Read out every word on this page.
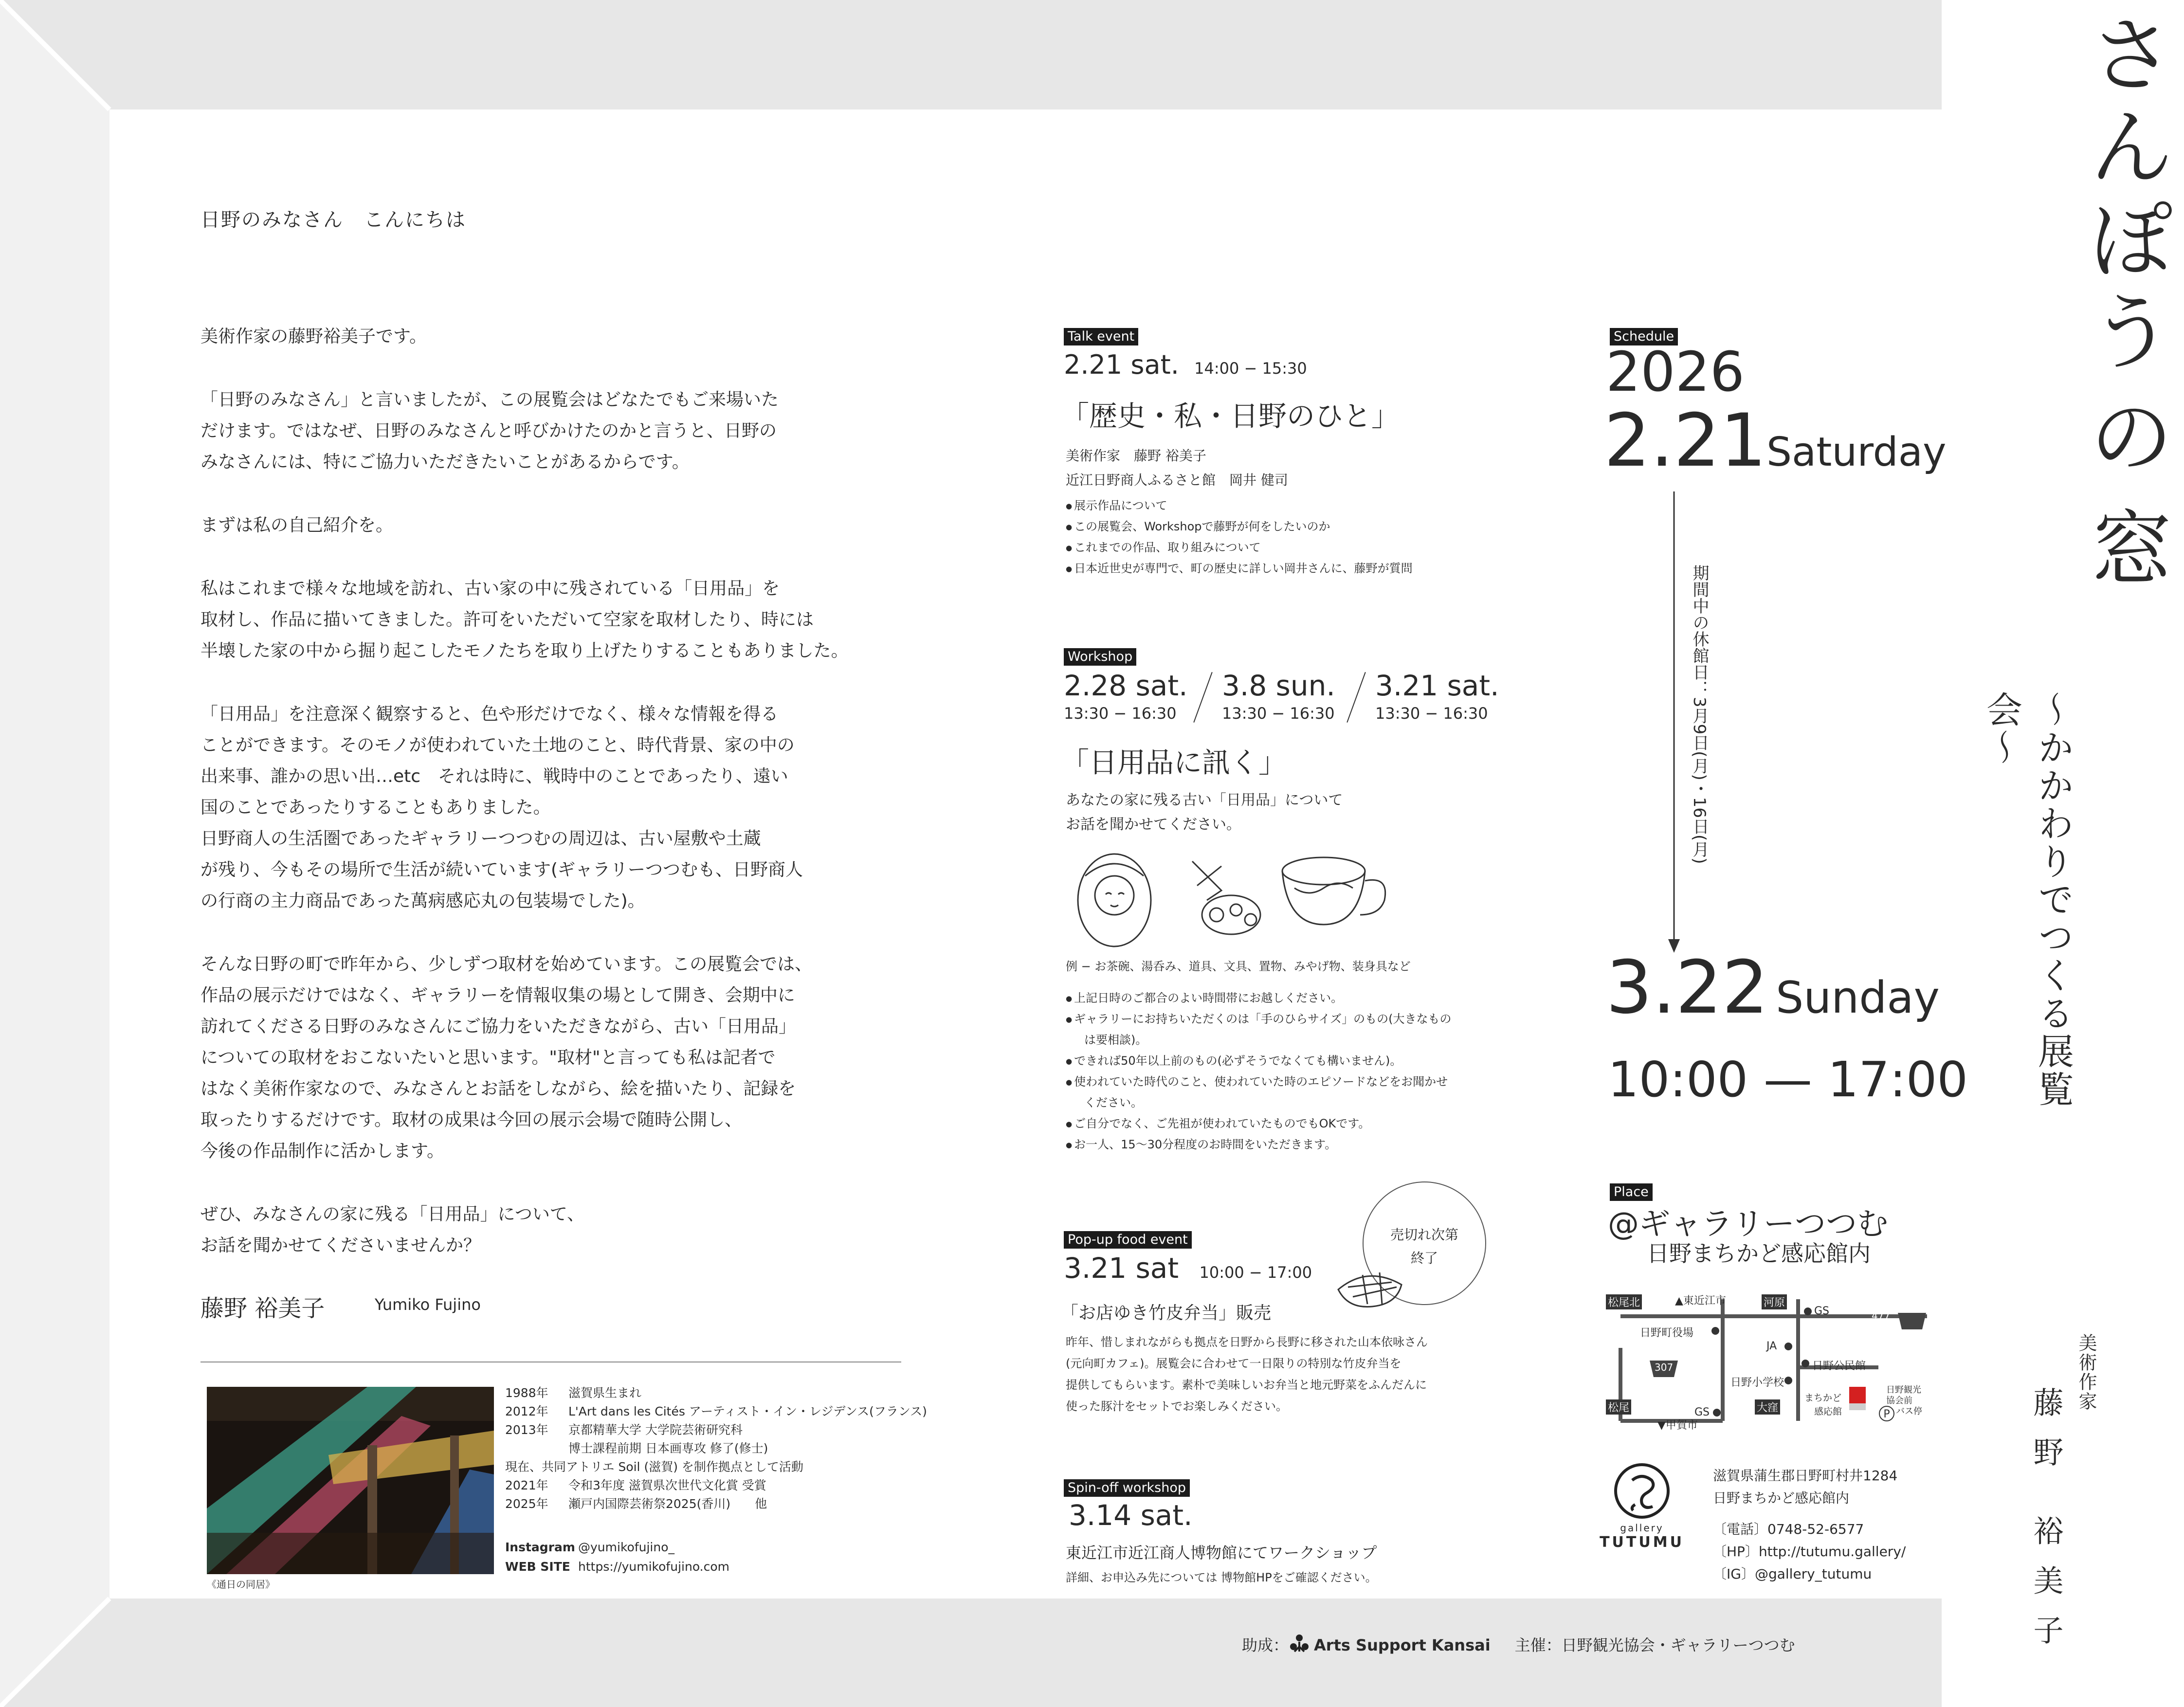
日野のみなさん　こんにちは

美術作家の藤野裕美子です。

「日野のみなさん」と言いましたが、この展覧会はどなたでもご来場いた
だけます。ではなぜ、日野のみなさんと呼びかけたのかと言うと、日野の
みなさんには、特にご協力いただきたいことがあるからです。

まずは私の自己紹介を。

私はこれまで様々な地域を訪れ、古い家の中に残されている「日用品」を
取材し、作品に描いてきました。許可をいただいて空家を取材したり、時には
半壊した家の中から掘り起こしたモノたちを取り上げたりすることもありました。

「日用品」を注意深く観察すると、色や形だけでなく、様々な情報を得る
ことができます。そのモノが使われていた土地のこと、時代背景、家の中の
出来事、誰かの思い出…etc　それは時に、戦時中のことであったり、遠い
国のことであったりすることもありました。
日野商人の生活圏であったギャラリーつつむの周辺は、古い屋敷や土蔵
が残り、今もその場所で生活が続いています(ギャラリーつつむも、日野商人
の行商の主力商品であった萬病感応丸の包装場でした)。

そんな日野の町で昨年から、少しずつ取材を始めています。この展覧会では、
作品の展示だけではなく、ギャラリーを情報収集の場として開き、会期中に
訪れてくださる日野のみなさんにご協力をいただきながら、古い「日用品」
についての取材をおこないたいと思います。"取材"と言っても私は記者で
はなく美術作家なので、みなさんとお話をしながら、絵を描いたり、記録を
取ったりするだけです。取材の成果は今回の展示会場で随時公開し、
今後の作品制作に活かします。

ぜひ、みなさんの家に残る「日用品」について、
お話を聞かせてくださいませんか？

藤野 裕美子	Yumiko Fujino
《通日の同居》
1988年	滋賀県生まれ
2012年	L'Art dans les Cités アーティスト・イン・レジデンス(フランス)
2013年	京都精華大学 大学院芸術研究科
	博士課程前期 日本画専攻 修了(修士)
現在、共同アトリエ Soil (滋賀) を制作拠点として活動	
2021年	令和3年度 滋賀県次世代文化賞 受賞
2025年	瀬戸内国際芸術祭2025(香川)　　他
Instagram @yumikofujino_
WEB SITE https://yumikofujino.com
Talk event
2.21 sat. 14:00 − 15:30
「歴史・私・日野のひと」
美術作家　藤野 裕美子
近江日野商人ふるさと館　岡井 健司
● 展示作品について
● この展覧会、Workshopで藤野が何をしたいのか
● これまでの作品、取り組みについて
● 日本近世史が専門で、町の歴史に詳しい岡井さんに、藤野が質問
Workshop
2.28 sat.
13:30 − 16:30
3.8 sun.
13:30 − 16:30
3.21 sat.
13:30 − 16:30
「日用品に訊く」
あなたの家に残る古い「日用品」について
お話を聞かせてください。
例 − お茶碗、湯呑み、道具、文具、置物、みやげ物、装身具など
● 上記日時のご都合のよい時間帯にお越しください。
● ギャラリーにお持ちいただくのは「手のひらサイズ」のもの(大きなもの
　は要相談)。
● できれば50年以上前のもの(必ずそうでなくても構いません)。
● 使われていた時代のこと、使われていた時のエピソードなどをお聞かせ
　ください。
● ご自分でなく、ご先祖が使われていたものでもOKです。
● お一人、15〜30分程度のお時間をいただきます。
Pop-up food event
3.21 sat 10:00 − 17:00
売切れ次第
終了
「お店ゆき竹皮弁当」販売
昨年、惜しまれながらも拠点を日野から長野に移された山本依咏さん
(元向町カフェ)。展覧会に合わせて一日限りの特別な竹皮弁当を
提供してもらいます。素朴で美味しいお弁当と地元野菜をふんだんに
使った豚汁をセットでお楽しみください。
Spin-off workshop
3.14 sat.
東近江市近江商人博物館にてワークショップ
詳細、お申込み先については 博物館HPをご確認ください。
Schedule
2026
2.21Saturday
期間中の休館日：3月9日(月)・16日(月)
3.22 Sunday
10:00 — 17:00
Place
@ギャラリーつつむ
日野まちかど感応館内
P
477
307
松尾北	▲東近江市	河原
GS
日野町役場
JA
日野公民館
日野小学校
まちかど
感応館
日野観光
協会前
バス停
GS
松尾	大窪
▼甲賀市
gallery
TUTUMU
滋賀県蒲生郡日野町村井1284
日野まちかど感応館内
〔電話〕0748-52-6577
〔HP〕http://tutumu.gallery/
〔IG〕@gallery_tutumu
さ
ん
ぽ
う
の
窓
〜かかわりでつくる展覧会〜
美術作家
藤野 裕美子
助成： Arts Support Kansai 主催：日野観光協会・ギャラリーつつむ
